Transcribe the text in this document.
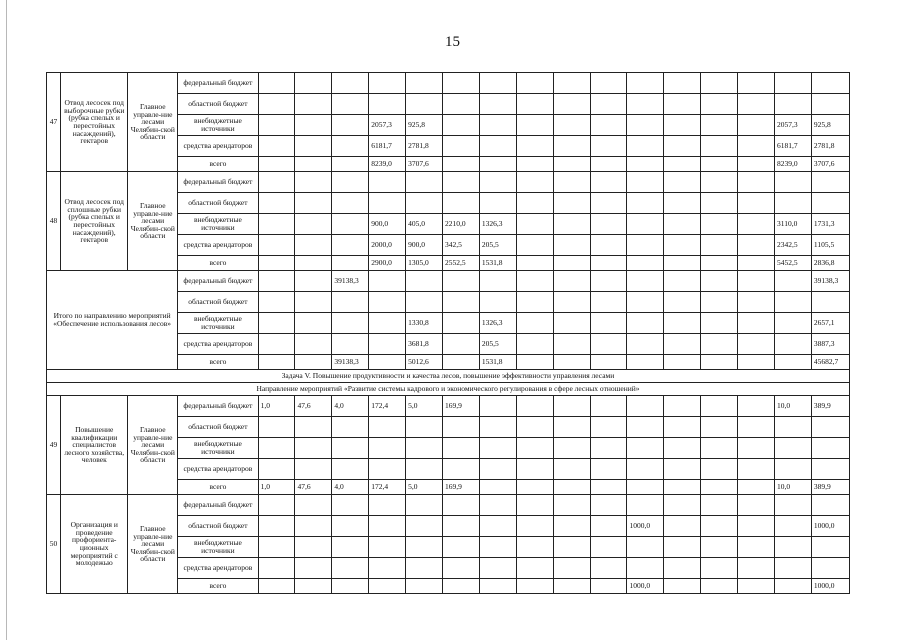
15
47	Отвод лесосек под выборочные рубки (рубка спелых и перестойных насаждений), гектаров	Главное управле-ние лесами Челябин-ской области	федеральный бюджет																
			областной бюджет																
			внебюджетные источники				2057,3	925,8										2057,3	925,8
			средства арендаторов				6181,7	2781,8										6181,7	2781,8
			всего				8239,0	3707,6										8239,0	3707,6
48	Отвод лесосек под сплошные рубки (рубка спелых и перестойных насаждений), гектаров	Главное управле-ние лесами Челябин-ской области	федеральный бюджет																
			областной бюджет																
			внебюджетные источники				900,0	405,0	2210,0	1326,3								3110,0	1731,3
			средства арендаторов				2000,0	900,0	342,5	205,5								2342,5	1105,5
			всего				2900,0	1305,0	2552,5	1531,8								5452,5	2836,8
Итого по направлению мероприятий «Обеспечение использования лесов»			федеральный бюджет			39138,3													39138,3
			областной бюджет																
			внебюджетные источники					1330,8		1326,3									2657,1
			средства арендаторов					3681,8		205,5									3887,3
			всего			39138,3		5012,6		1531,8									45682,7
Задача V. Повышение продуктивности и качества лесов, повышение эффективности управления лесами																			
Направление мероприятий «Развитие системы кадрового и экономического регулирования в сфере лесных отношений»																			
49	Повышение квалификации специалистов лесного хозяйства, человек	Главное управле-ние лесами Челябин-ской области	федеральный бюджет	1,0	47,6	4,0	172,4	5,0	169,9									10,0	389,9
			областной бюджет																
			внебюджетные источники																
			средства арендаторов																
			всего	1,0	47,6	4,0	172,4	5,0	169,9									10,0	389,9
50	Организация и проведение профориента-ционных мероприятий с молодежью	Главное управле-ние лесами Челябин-ской области	федеральный бюджет																
			областной бюджет											1000,0					1000,0
			внебюджетные источники																
			средства арендаторов																
			всего											1000,0					1000,0
